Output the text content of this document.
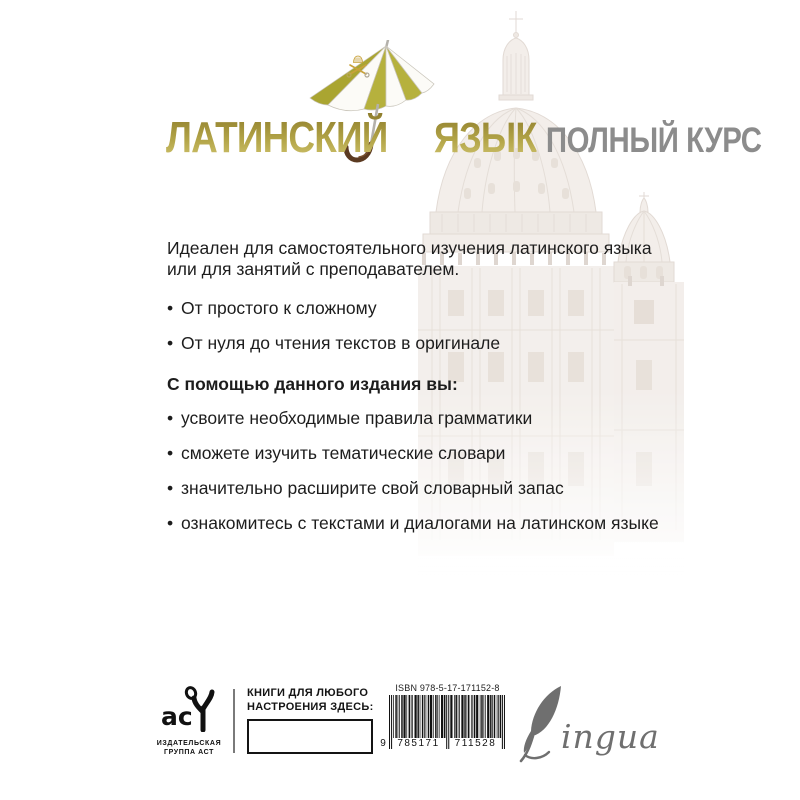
ЛАТИНСКИЙ ЯЗЫК ПОЛНЫЙ КУРС

Идеален для самостоятельного изучения латинского языка
или для занятий с преподавателем.

• От простого к сложному
• От нуля до чтения текстов в оригинале

С помощью данного издания вы:

• усвоите необходимые правила грамматики
• сможете изучить тематические словари
• значительно расширите свой словарный запас
• ознакомитесь с текстами и диалогами на латинском языке
ас
ИЗДАТЕЛЬСКАЯ
ГРУППА АСТ
КНИГИ ДЛЯ ЛЮБОГО
НАСТРОЕНИЯ ЗДЕСЬ:
ISBN 978-5-17-171152-8
9	785171	711528 ingua
